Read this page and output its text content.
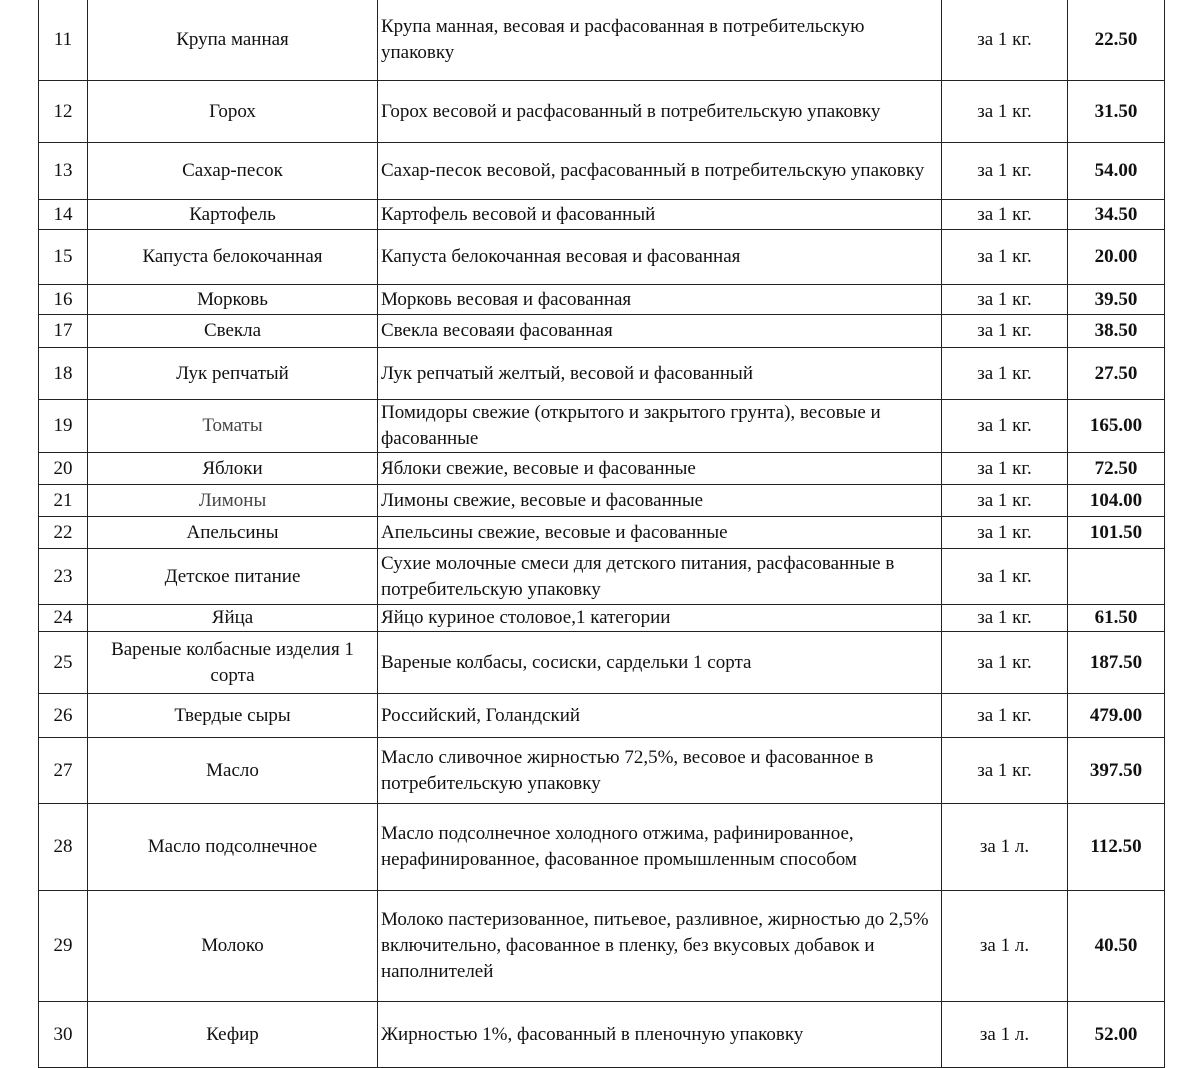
11	Крупа манная	Крупа манная, весовая и расфасованная в потребительскую упаковку	за 1 кг.	22.50
12	Горох	Горох весовой и расфасованный в потребительскую упаковку	за 1 кг.	31.50
13	Сахар-песок	Сахар-песок весовой, расфасованный в потребительскую упаковку	за 1 кг.	54.00
14	Картофель	Картофель весовой и фасованный	за 1 кг.	34.50
15	Капуста белокочанная	Капуста белокочанная весовая и фасованная	за 1 кг.	20.00
16	Морковь	Морковь весовая и фасованная	за 1 кг.	39.50
17	Свекла	Свекла весоваяи фасованная	за 1 кг.	38.50
18	Лук репчатый	Лук репчатый желтый, весовой и фасованный	за 1 кг.	27.50
19	Томаты	Помидоры свежие (открытого и закрытого грунта), весовые и фасованные	за 1 кг.	165.00
20	Яблоки	Яблоки свежие, весовые и фасованные	за 1 кг.	72.50
21	Лимоны	Лимоны свежие, весовые и фасованные	за 1 кг.	104.00
22	Апельсины	Апельсины свежие, весовые и фасованные	за 1 кг.	101.50
23	Детское питание	Сухие молочные смеси для детского питания, расфасованные в потребительскую упаковку	за 1 кг.	
24	Яйца	Яйцо куриное столовое,1 категории	за 1 кг.	61.50
25	Вареные колбасные изделия 1 сорта	Вареные колбасы, сосиски, сардельки 1 сорта	за 1 кг.	187.50
26	Твердые сыры	Российский, Голандский	за 1 кг.	479.00
27	Масло	Масло сливочное жирностью 72,5%, весовое и фасованное в потребительскую упаковку	за 1 кг.	397.50
28	Масло подсолнечное	Масло подсолнечное холодного отжима, рафинированное, нерафинированное, фасованное промышленным способом	за 1 л.	112.50
29	Молоко	Молоко пастеризованное, питьевое, разливное, жирностью до 2,5% включительно, фасованное в пленку, без вкусовых добавок и наполнителей	за 1 л.	40.50
30	Кефир	Жирностью 1%, фасованный в пленочную упаковку	за 1 л.	52.00
